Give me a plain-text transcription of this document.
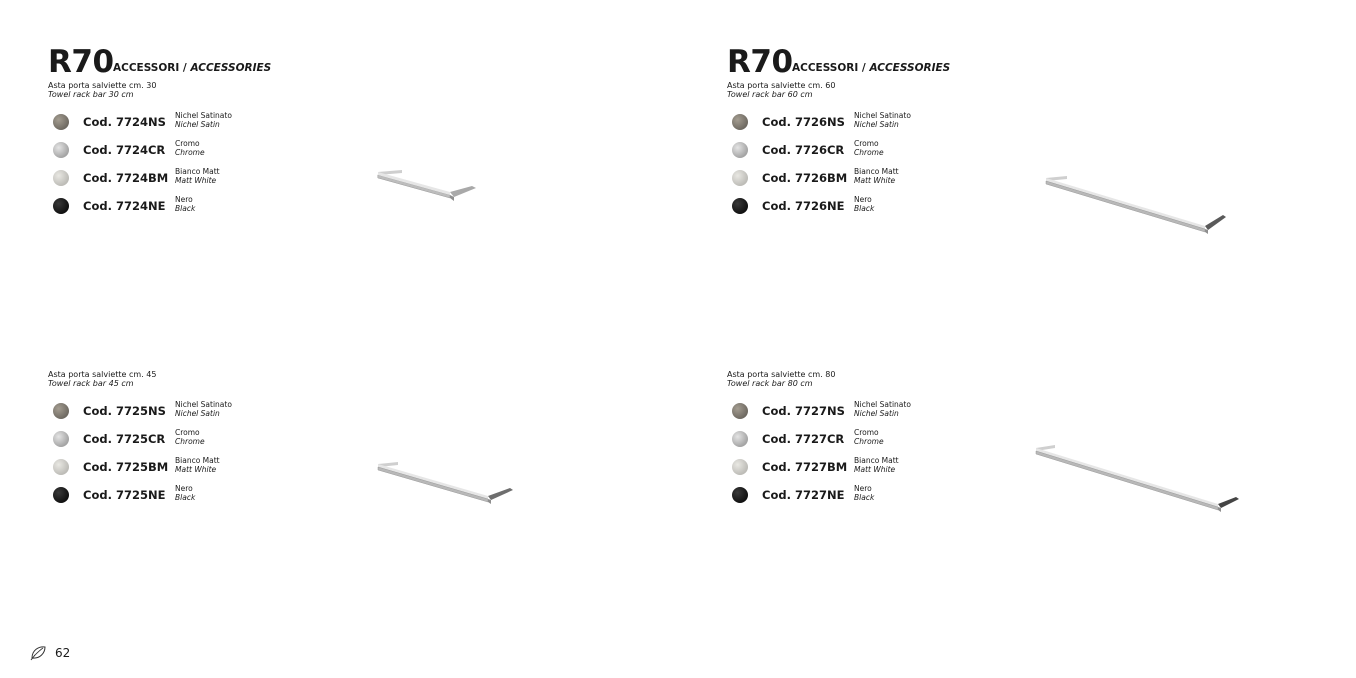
R70 ACCESSORI / ACCESSORIES	R70 ACCESSORI / ACCESSORIES
Asta porta salviette cm. 30
Towel rack bar 30 cm
Cod. 7724NS Nichel Satinato
Nichel Satin
Cod. 7724CR Cromo
Chrome
Cod. 7724BM Bianco Matt
Matt White
Cod. 7724NE Nero
Black
Asta porta salviette cm. 60
Towel rack bar 60 cm
Cod. 7726NS Nichel Satinato
Nichel Satin
Cod. 7726CR Cromo
Chrome
Cod. 7726BM Bianco Matt
Matt White
Cod. 7726NE Nero
Black
Asta porta salviette cm. 45
Towel rack bar 45 cm
Cod. 7725NS Nichel Satinato
Nichel Satin
Cod. 7725CR Cromo
Chrome
Cod. 7725BM Bianco Matt
Matt White
Cod. 7725NE Nero
Black
Asta porta salviette cm. 80
Towel rack bar 80 cm
Cod. 7727NS Nichel Satinato
Nichel Satin
Cod. 7727CR Cromo
Chrome
Cod. 7727BM Bianco Matt
Matt White
Cod. 7727NE Nero
Black
62
